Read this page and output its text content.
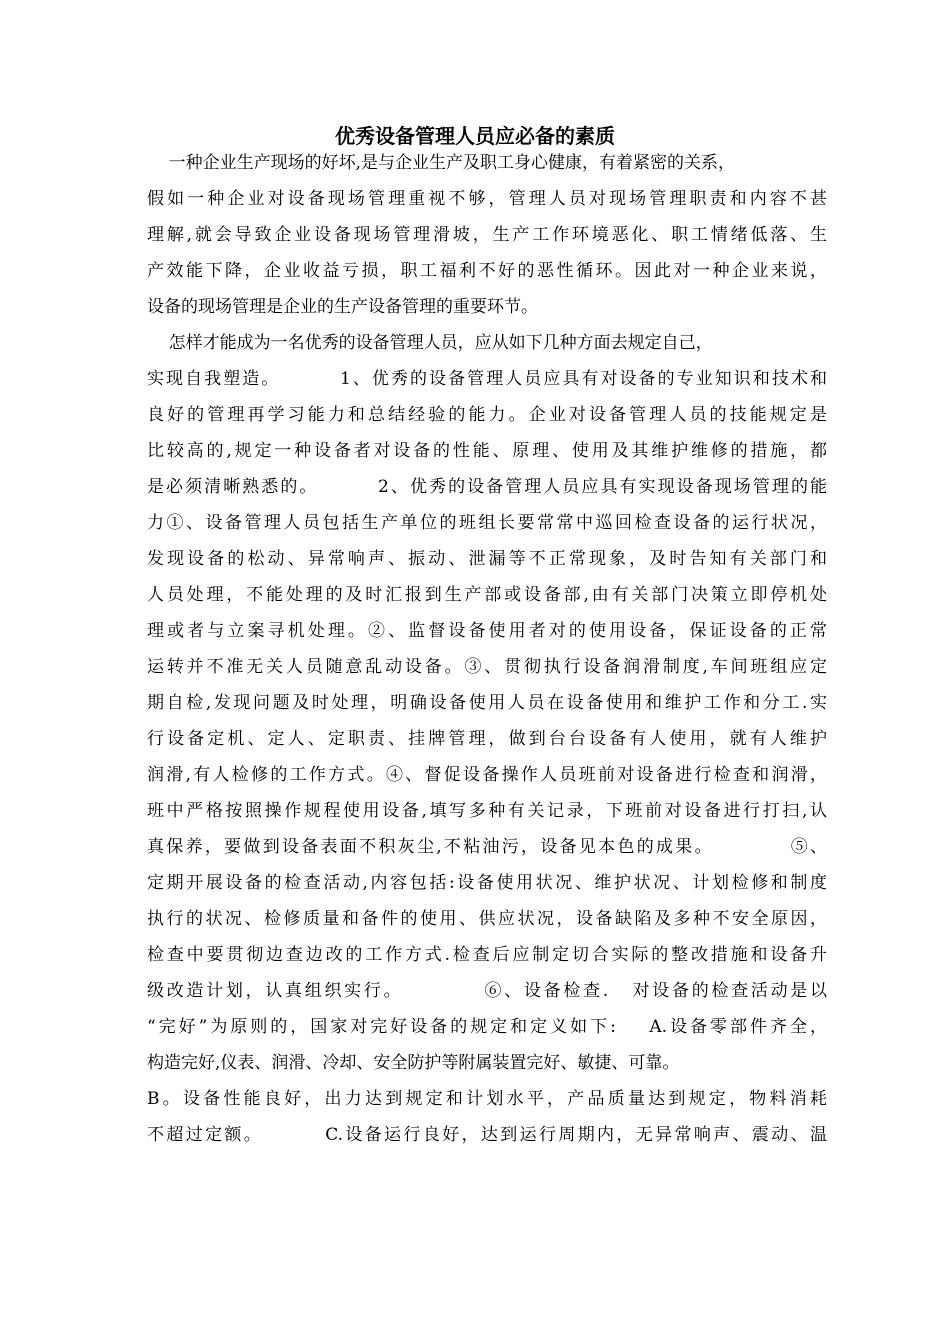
优秀设备管理人员应必备的素质
一种企业生产现场的好坏,是与企业生产及职工身心健康，有着紧密的关系，
假如一种企业对设备现场管理重视不够，管理人员对现场管理职责和内容不甚
理解,就会导致企业设备现场管理滑坡，生产工作环境恶化、职工情绪低落、生
产效能下降，企业收益亏损，职工福利不好的恶性循环。因此对一种企业来说，
设备的现场管理是企业的生产设备管理的重要环节。
怎样才能成为一名优秀的设备管理人员，应从如下几种方面去规定自己，
实现自我塑造。        1、优秀的设备管理人员应具有对设备的专业知识和技术和
良好的管理再学习能力和总结经验的能力。企业对设备管理人员的技能规定是
比较高的,规定一种设备者对设备的性能、原理、使用及其维护维修的措施，都
是必须清晰熟悉的。        2、优秀的设备管理人员应具有实现设备现场管理的能
力①、设备管理人员包括生产单位的班组长要常常中巡回检查设备的运行状况，
发现设备的松动、异常响声、振动、泄漏等不正常现象，及时告知有关部门和
人员处理，不能处理的及时汇报到生产部或设备部,由有关部门决策立即停机处
理或者与立案寻机处理。②、监督设备使用者对的使用设备，保证设备的正常
运转并不准无关人员随意乱动设备。③、贯彻执行设备润滑制度,车间班组应定
期自检,发现问题及时处理，明确设备使用人员在设备使用和维护工作和分工.实
行设备定机、定人、定职责、挂牌管理，做到台台设备有人使用，就有人维护
润滑,有人检修的工作方式。④、督促设备操作人员班前对设备进行检查和润滑，
班中严格按照操作规程使用设备,填写多种有关记录，下班前对设备进行打扫,认
真保养，要做到设备表面不积灰尘,不粘油污，设备见本色的成果。          ⑤、
定期开展设备的检查活动,内容包括:设备使用状况、维护状况、计划检修和制度
执行的状况、检修质量和备件的使用、供应状况，设备缺陷及多种不安全原因，
检查中要贯彻边查边改的工作方式.检查后应制定切合实际的整改措施和设备升
级改造计划，认真组织实行。          ⑥、设备检查.   对设备的检查活动是以
“完好”为原则的，国家对完好设备的规定和定义如下:    A.设备零部件齐全，
构造完好,仪表、润滑、冷却、安全防护等附属装置完好、敏捷、可靠。
B。设备性能良好，出力达到规定和计划水平，产品质量达到规定，物料消耗
不超过定额。        C.设备运行良好，达到运行周期内，无异常响声、震动、温
